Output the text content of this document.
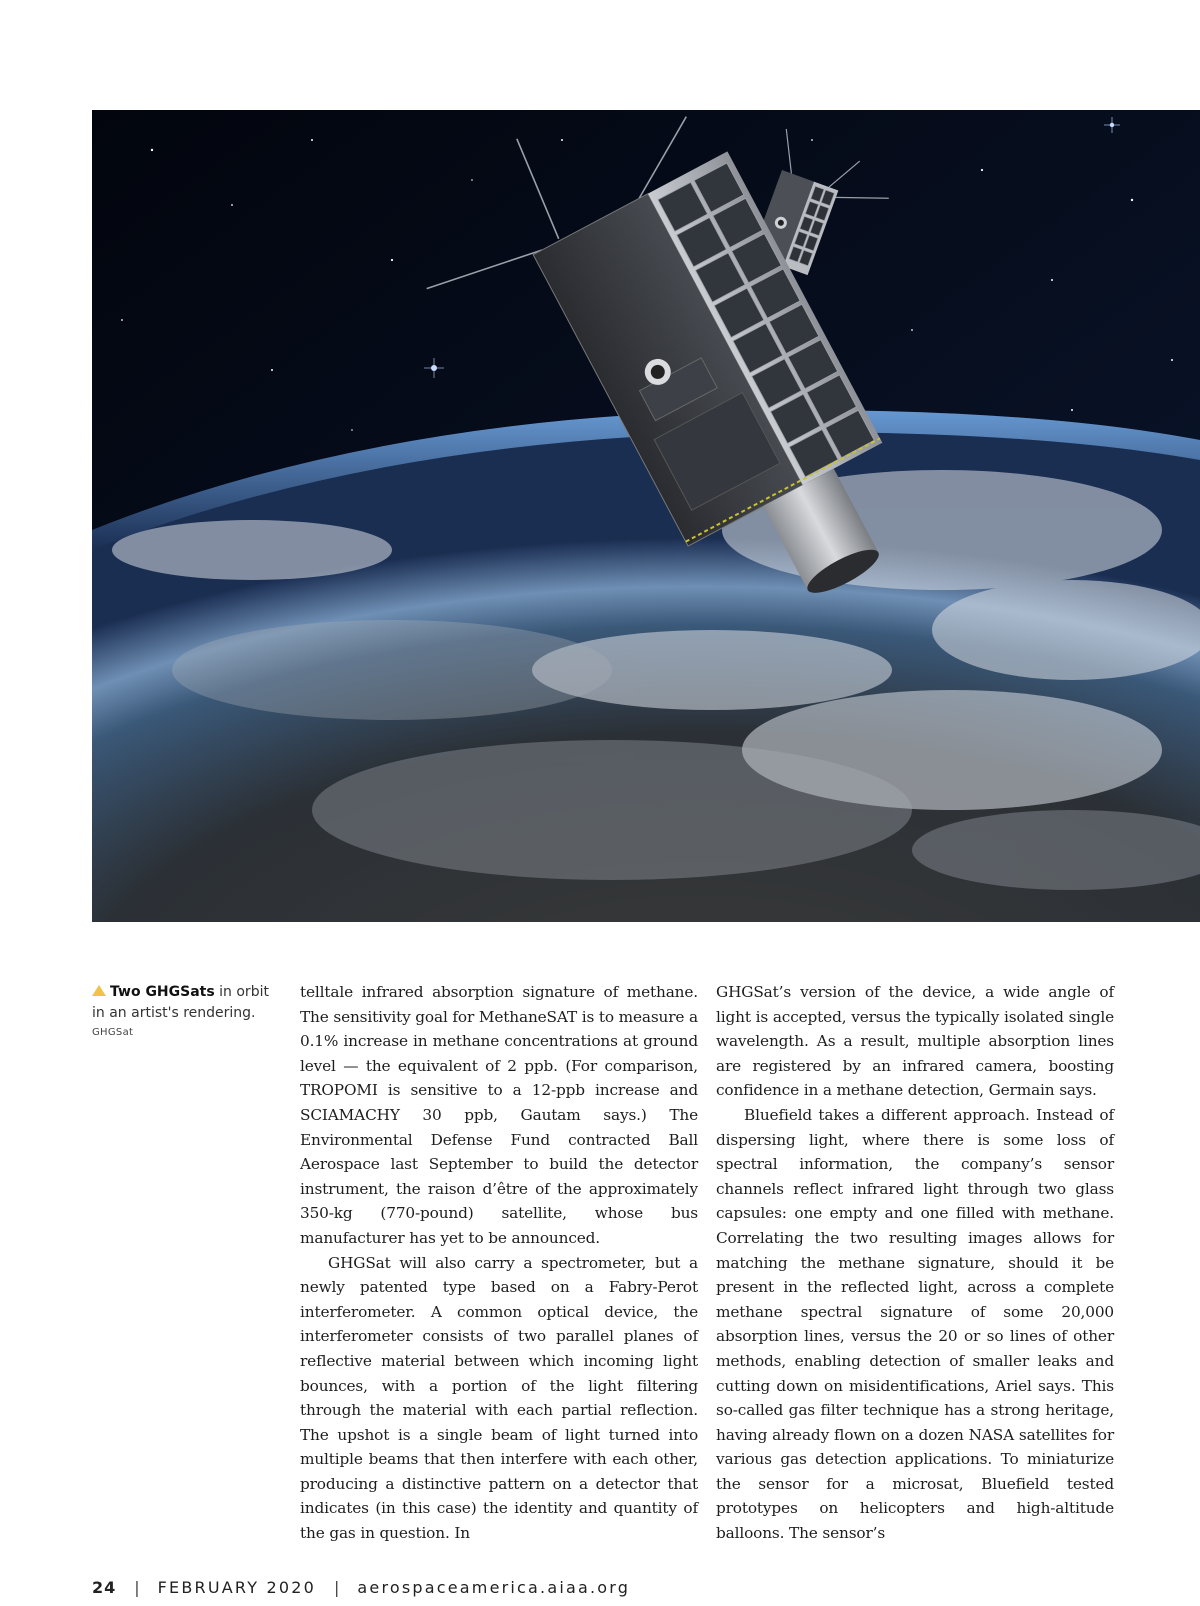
Two GHGSats in orbit in an artist's rendering.
GHGSat

telltale infrared absorption signature of methane. The sensitivity goal for MethaneSAT is to measure a 0.1% increase in methane concentrations at ground level — the equivalent of 2 ppb. (For comparison, TROPOMI is sensitive to a 12-ppb increase and SCIAMACHY 30 ppb, Gautam says.) The Environmental Defense Fund contracted Ball Aerospace last September to build the detector instrument, the raison d’être of the approximately 350-kg (770-pound) satellite, whose bus manufacturer has yet to be announced.

GHGSat will also carry a spectrometer, but a newly patented type based on a Fabry-Perot interferometer. A common optical device, the interferometer consists of two parallel planes of reflective material between which incoming light bounces, with a portion of the light filtering through the material with each partial reflection. The upshot is a single beam of light turned into multiple beams that then interfere with each other, producing a distinctive pattern on a detector that indicates (in this case) the identity and quantity of the gas in question. In

GHGSat’s version of the device, a wide angle of light is accepted, versus the typically isolated single wavelength. As a result, multiple absorption lines are registered by an infrared camera, boosting confidence in a methane detection, Germain says.

Bluefield takes a different approach. Instead of dispersing light, where there is some loss of spectral information, the company’s sensor channels reflect infrared light through two glass capsules: one empty and one filled with methane. Correlating the two resulting images allows for matching the methane signature, should it be present in the reflected light, across a complete methane spectral signature of some 20,000 absorption lines, versus the 20 or so lines of other methods, enabling detection of smaller leaks and cutting down on misidentifications, Ariel says. This so-called gas filter technique has a strong heritage, having already flown on a dozen NASA satellites for various gas detection applications. To miniaturize the sensor for a microsat, Bluefield tested prototypes on helicopters and high-altitude balloons. The sensor’s

24 | FEBRUARY 2020 | aerospaceamerica.aiaa.org
